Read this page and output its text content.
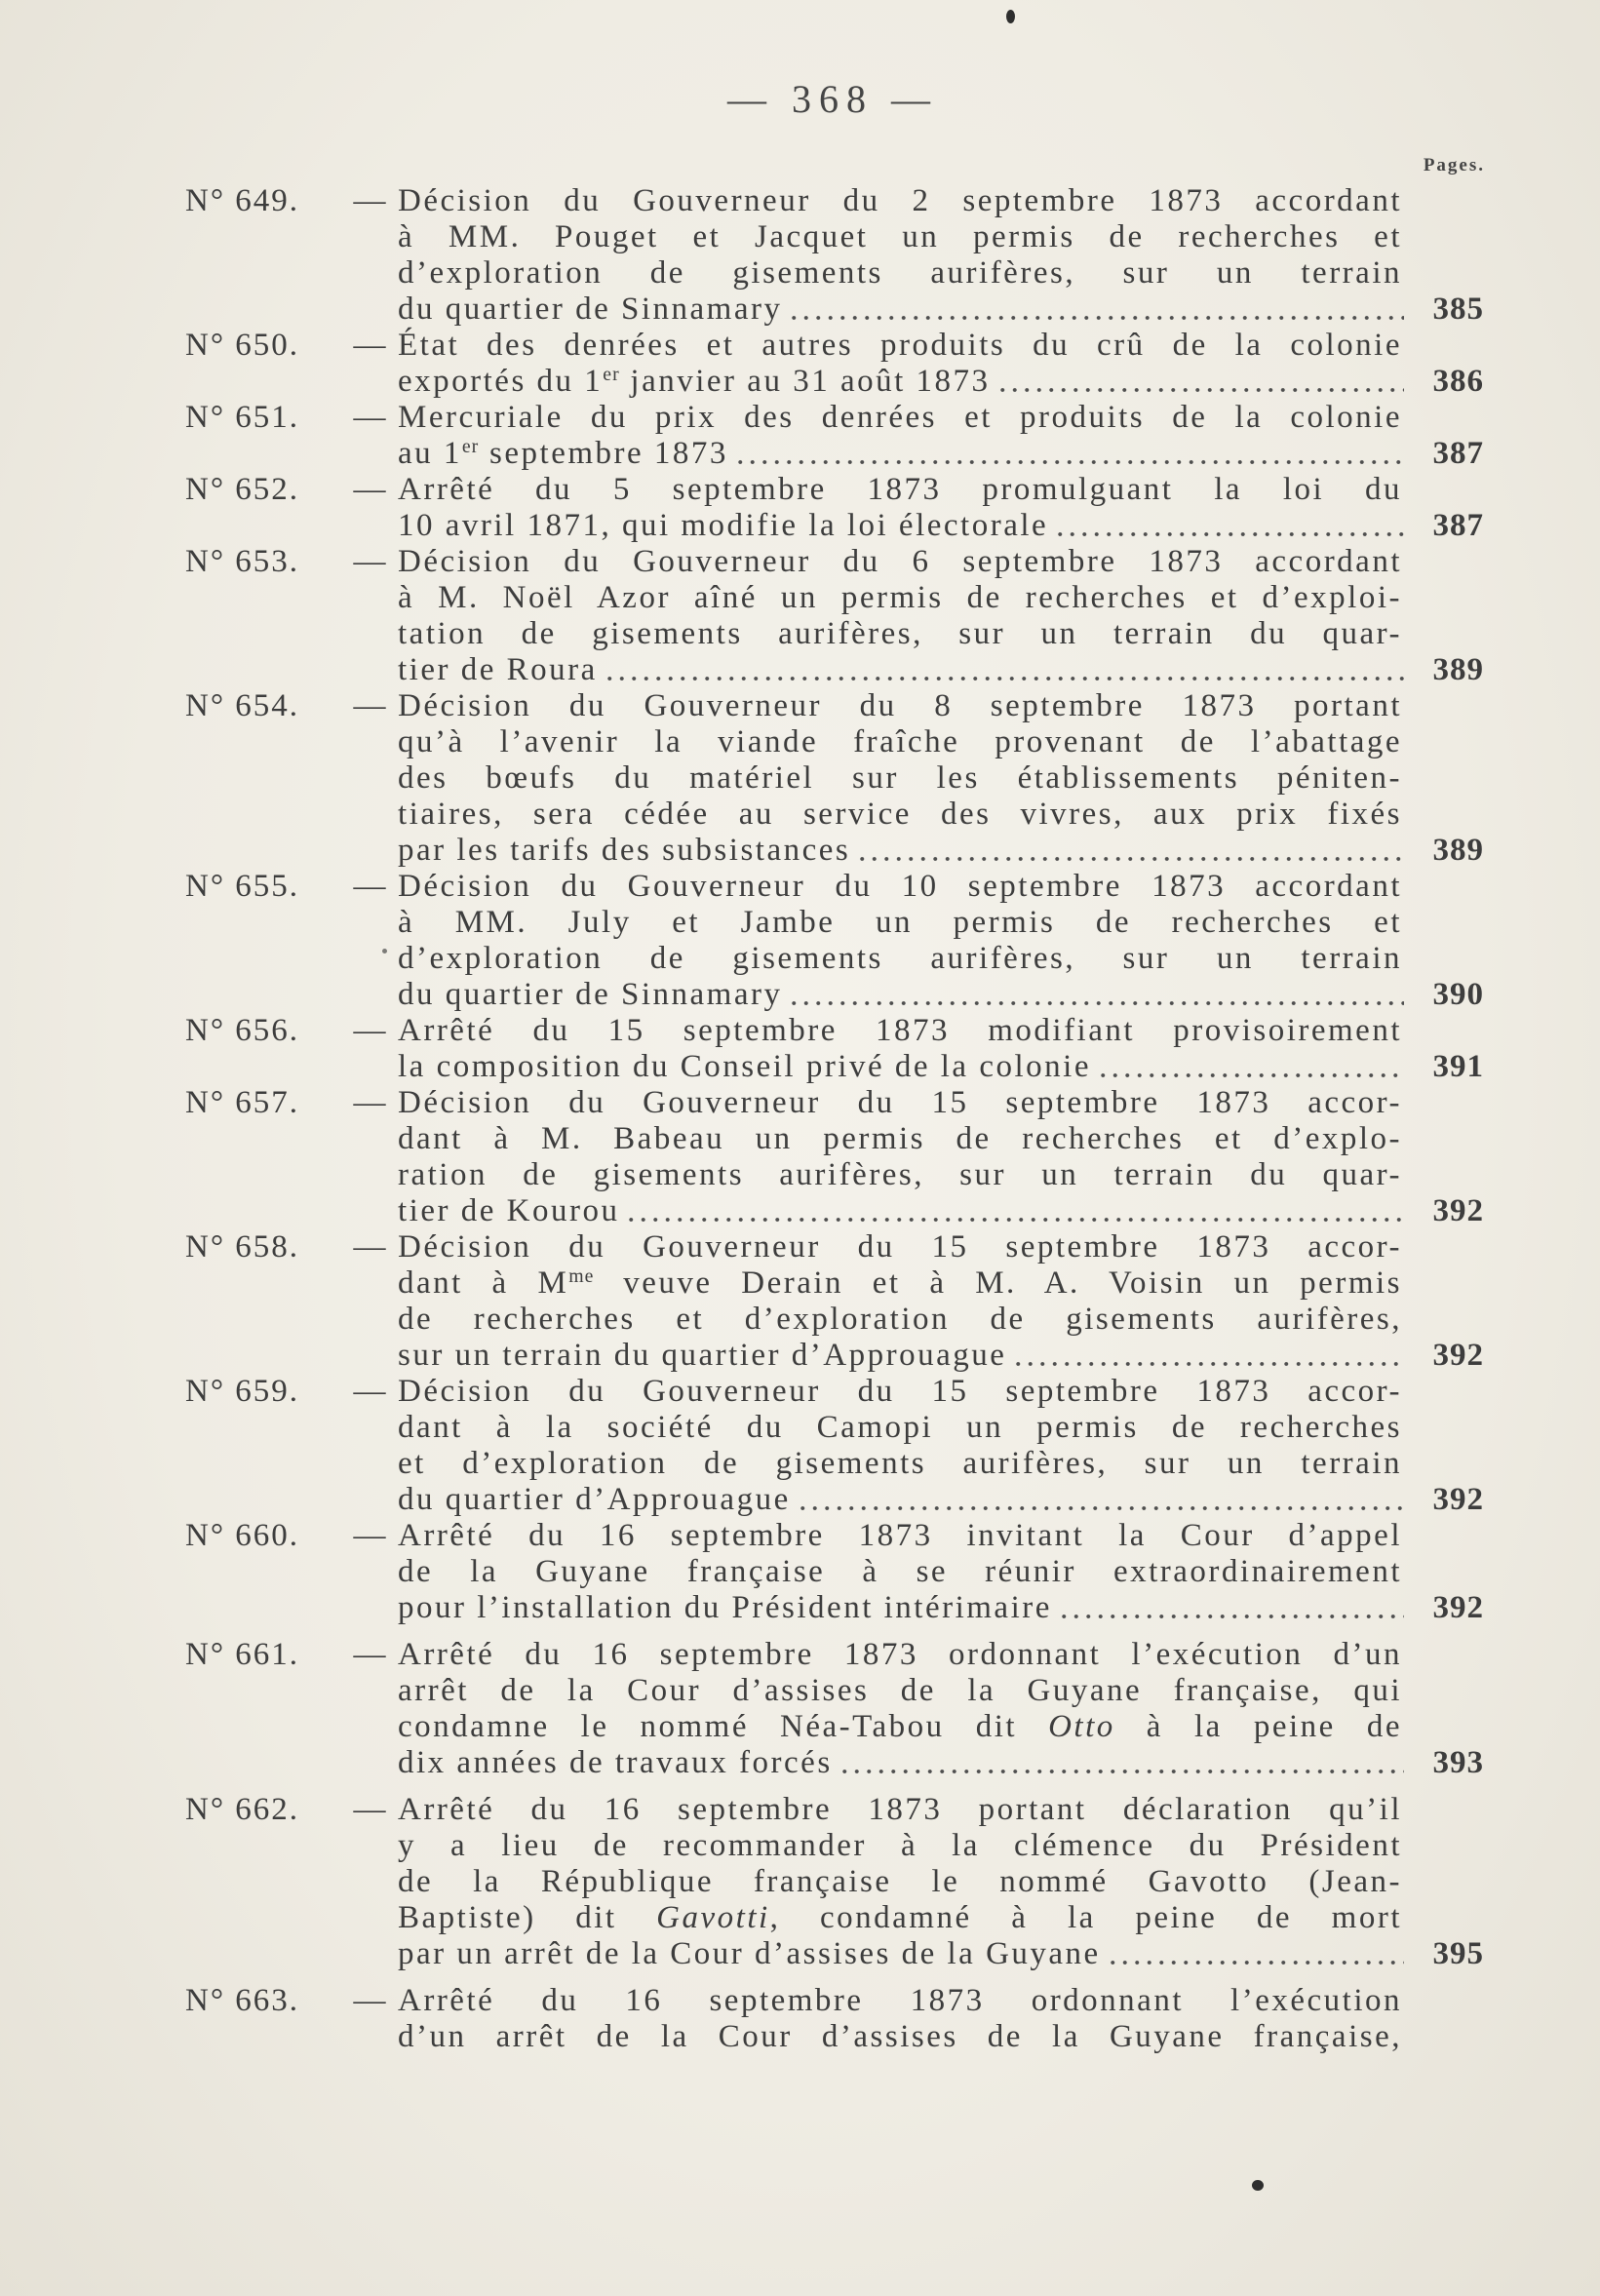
— 368 —
Pages.
N° 649.	— Décision du Gouverneur du 2 septembre 1873 accordant
à MM. Pouget et Jacquet un permis de recherches et
d’exploration de gisements aurifères, sur un terrain
du quartier de Sinnamary	385
N° 650.	— État des denrées et autres produits du crû de la colonie
exportés du 1er janvier au 31 août 1873	386
N° 651.	— Mercuriale du prix des denrées et produits de la colonie
au 1er septembre 1873	387
N° 652.	— Arrêté du 5 septembre 1873 promulguant la loi du
10 avril 1871, qui modifie la loi électorale	387
N° 653.	— Décision du Gouverneur du 6 septembre 1873 accordant
à M. Noël Azor aîné un permis de recherches et d’exploi-
tation de gisements aurifères, sur un terrain du quar-
tier de Roura	389
N° 654.	— Décision du Gouverneur du 8 septembre 1873 portant
qu’à l’avenir la viande fraîche provenant de l’abattage
des bœufs du matériel sur les établissements péniten-
tiaires, sera cédée au service des vivres, aux prix fixés
par les tarifs des subsistances	389
N° 655.	— Décision du Gouverneur du 10 septembre 1873 accordant
à MM. July et Jambe un permis de recherches et
d’exploration de gisements aurifères, sur un terrain
du quartier de Sinnamary	390
N° 656.	— Arrêté du 15 septembre 1873 modifiant provisoirement
la composition du Conseil privé de la colonie	391
N° 657.	— Décision du Gouverneur du 15 septembre 1873 accor-
dant à M. Babeau un permis de recherches et d’explo-
ration de gisements aurifères, sur un terrain du quar-
tier de Kourou	392
N° 658.	— Décision du Gouverneur du 15 septembre 1873 accor-
dant à $M^{me}$ veuve Derain et à M. A. Voisin un permis
de recherches et d’exploration de gisements aurifères,
sur un terrain du quartier d’Approuague	392
N° 659.	— Décision du Gouverneur du 15 septembre 1873 accor-
dant à la société du Camopi un permis de recherches
et d’exploration de gisements aurifères, sur un terrain
du quartier d’Approuague	392
N° 660.	— Arrêté du 16 septembre 1873 invitant la Cour d’appel
de la Guyane française à se réunir extraordinairement
pour l’installation du Président intérimaire	392
N° 661.	— Arrêté du 16 septembre 1873 ordonnant l’exécution d’un
arrêt de la Cour d’assises de la Guyane française, qui
condamne le nommé Néa-Tabou dit Otto à la peine de
dix années de travaux forcés	393
N° 662.	— Arrêté du 16 septembre 1873 portant déclaration qu’il
y a lieu de recommander à la clémence du Président
de la République française le nommé Gavotto (Jean-
Baptiste) dit Gavotti, condamné à la peine de mort
par un arrêt de la Cour d’assises de la Guyane	395
N° 663.	— Arrêté du 16 septembre 1873 ordonnant l’exécution
d’un arrêt de la Cour d’assises de la Guyane française,
